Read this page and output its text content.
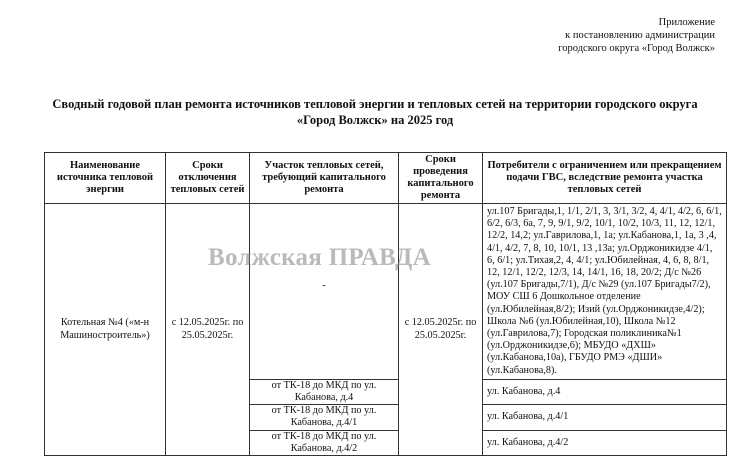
Приложение
к постановлению администрации
городского округа «Город Волжск»
Сводный годовой план ремонта источников тепловой энергии и тепловых сетей на территории городского округа
«Город Волжск» на 2025 год
Наименование источника тепловой энергии	Сроки отключения тепловых сетей	Участок тепловых сетей, требующий капитального ремонта	Сроки проведения капитального ремонта	Потребители с ограничением или прекращением подачи ГВС, вследствие ремонта участка тепловых сетей
Котельная №4 («м-н Машиностроитель»)	с 12.05.2025г. по 25.05.2025г.	-	с 12.05.2025г. по 25.05.2025г.	ул.107 Бригады,1, 1/1, 2/1, 3, 3/1, 3/2, 4, 4/1, 4/2, 6, 6/1, 6/2, 6/3, 6а, 7, 9, 9/1, 9/2, 10/1, 10/2, 10/3, 11, 12, 12/1, 12/2, 14,2; ул.Гаврилова,1, 1а; ул.Кабанова,1, 1а, 3 ,4, 4/1, 4/2, 7, 8, 10, 10/1, 13 ,13а; ул.Орджоникидзе 4/1, 6, 6/1; ул.Тихая,2, 4, 4/1; ул.Юбилейная, 4, 6, 8, 8/1, 12, 12/1, 12/2, 12/3, 14, 14/1, 16, 18, 20/2; Д/с №26 (ул.107 Бригады,7/1), Д/с №29 (ул.107 Бригады7/2), МОУ СШ 6 Дошкольное отделение (ул.Юбилейная,8/2); Изий (ул.Орджоникидзе,4/2); Школа №6 (ул.Юбилейная,10), Школа №12 (ул.Гаврилова,7); Городская поликлиника№1 (ул.Орджоникидзе,6); МБУДО «ДХШ» (ул.Кабанова,10а), ГБУДО РМЭ «ДШИ» (ул.Кабанова,8).
		от ТК-18 до МКД по ул. Кабанова, д.4		ул. Кабанова, д.4
		от ТК-18 до МКД по ул. Кабанова, д.4/1		ул. Кабанова, д.4/1
		от ТК-18 до МКД по ул. Кабанова, д.4/2		ул. Кабанова, д.4/2
Волжская ПРАВДА
